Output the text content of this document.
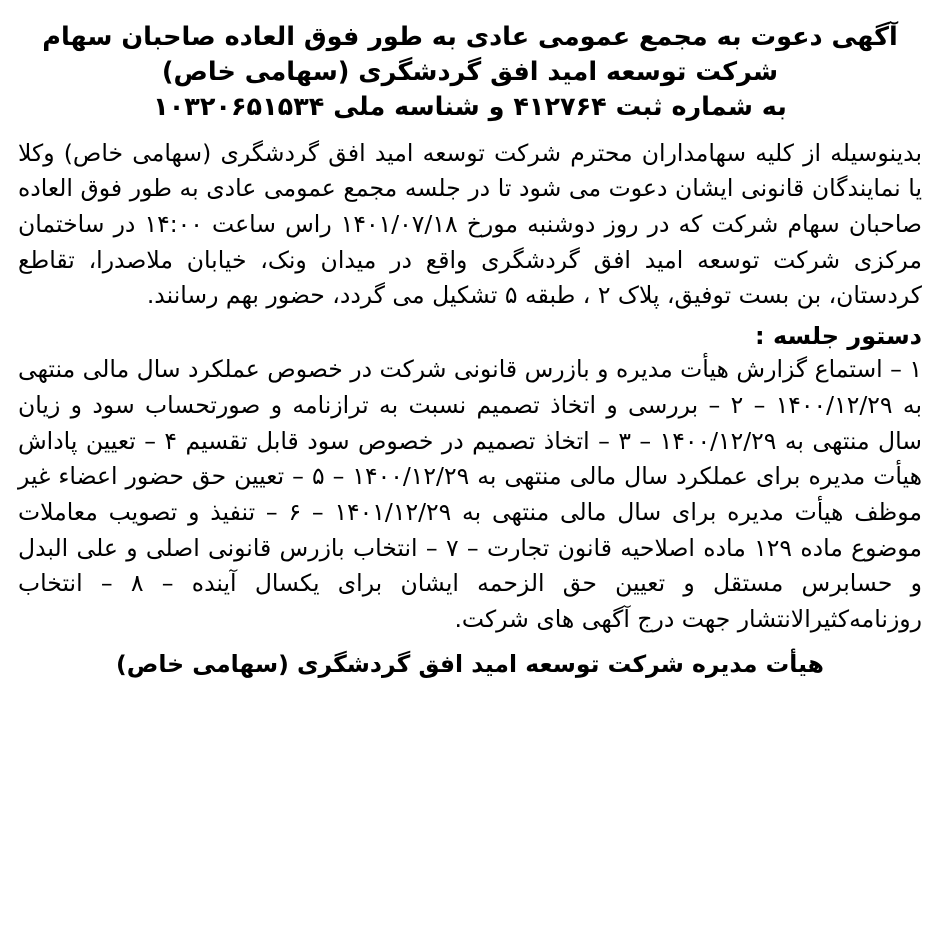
آگهی دعوت به مجمع عمومی عادی به طور فوق العاده صاحبان سهام
شرکت توسعه امید افق گردشگری (سهامی خاص)
به شماره ثبت ۴۱۲۷۶۴ و شناسه ملی ۱۰۳۲۰۶۵۱۵۳۴

بدینوسیله از کلیه سهامداران محترم شرکت توسعه امید افق گردشگری (سهامی خاص) وکلا یا نمایندگان قانونی ایشان دعوت می شود تا در جلسه مجمع عمومی عادی به طور فوق العاده صاحبان سهام شرکت که در روز دوشنبه مورخ ۱۴۰۱/۰۷/۱۸ راس ساعت ۱۴:۰۰ در ساختمان مرکزی شرکت توسعه امید افق گردشگری واقع در میدان ونک، خیابان ملاصدرا، تقاطع کردستان، بن بست توفیق، پلاک ۲ ، طبقه ۵ تشکیل می گردد، حضور بهم رسانند.

دستور جلسه :

۱ – استماع گزارش هیأت مدیره و بازرس قانونی شرکت در خصوص عملکرد سال مالی منتهی به ۱۴۰۰/۱۲/۲۹ – ۲ – بررسی و اتخاذ تصمیم نسبت به ترازنامه و صورتحساب سود و زیان سال منتهی به ۱۴۰۰/۱۲/۲۹ – ۳ – اتخاذ تصمیم در خصوص سود قابل تقسیم ۴ – تعیین پاداش هیأت مدیره برای عملکرد سال مالی منتهی به ۱۴۰۰/۱۲/۲۹ – ۵ – تعیین حق حضور اعضاء غیر موظف هیأت مدیره برای سال مالی منتهی به ۱۴۰۱/۱۲/۲۹ – ۶ – تنفیذ و تصویب معاملات موضوع ماده ۱۲۹ ماده اصلاحیه قانون تجارت – ۷ – انتخاب بازرس قانونی اصلی و علی البدل و حسابرس مستقل و تعیین حق الزحمه ایشان برای یکسال آینده – ۸ – انتخاب روزنامه‌کثیرالانتشار جهت درج آگهی های شرکت.

هیأت مدیره شرکت توسعه امید افق گردشگری (سهامی خاص)
